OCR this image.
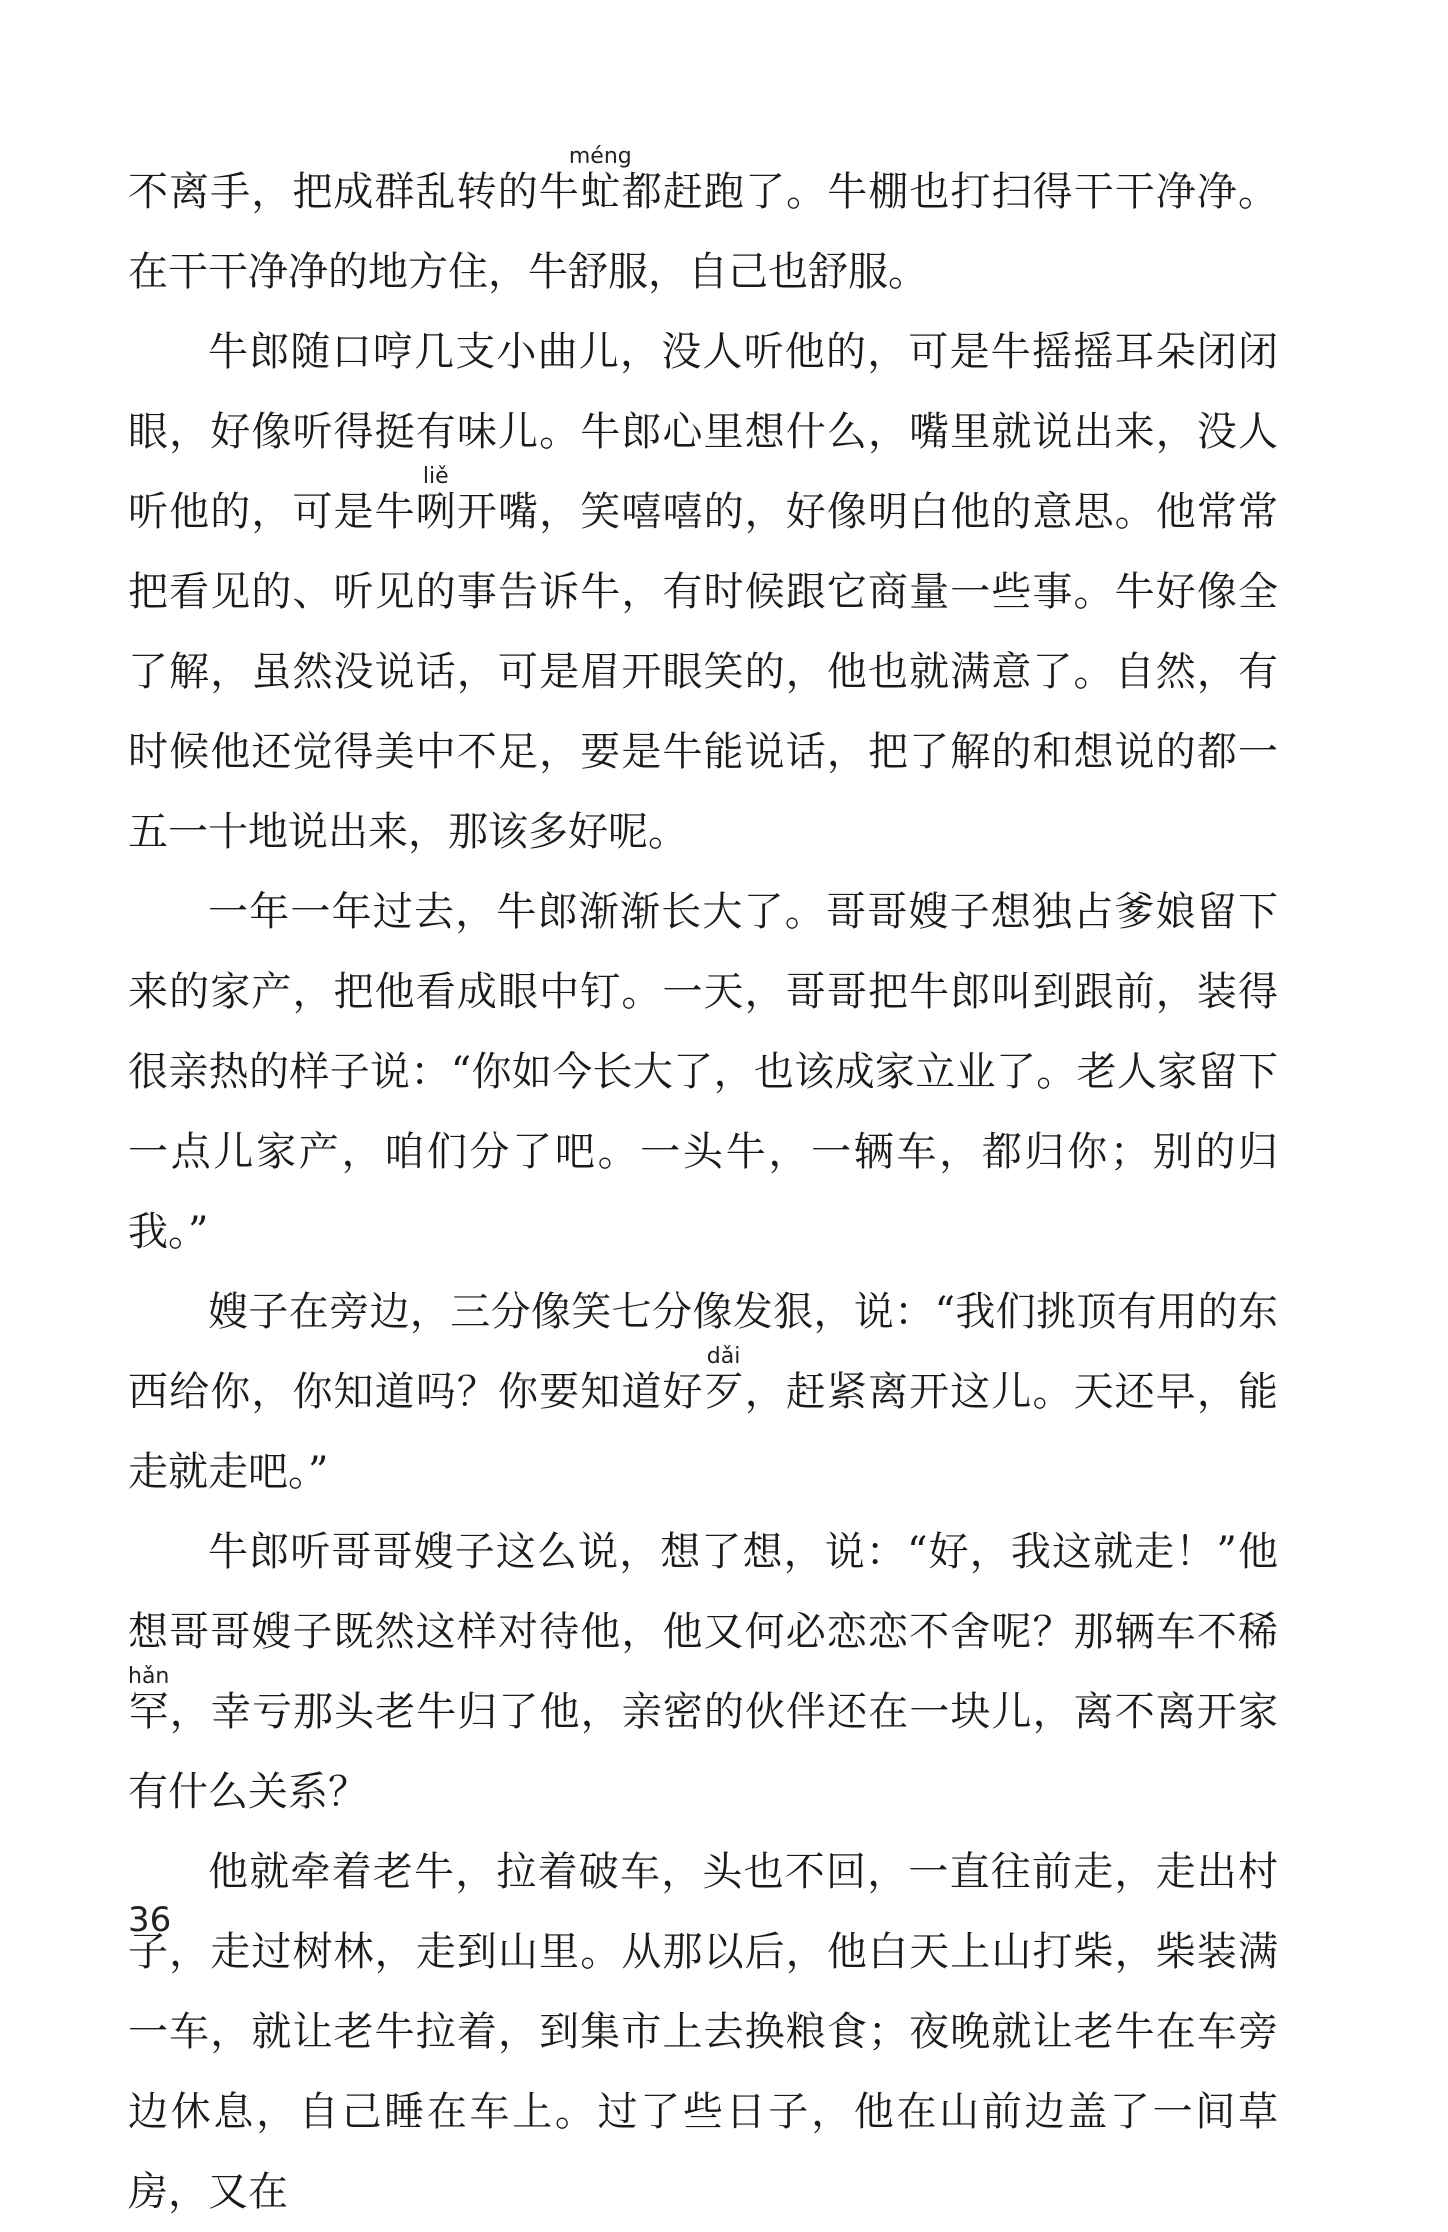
不离手，把成群乱转的牛虻méng都赶跑了。牛棚也打扫得干干净净。在干干净净的地方住，牛舒服，自己也舒服。

牛郎随口哼几支小曲儿，没人听他的，可是牛摇摇耳朵闭闭眼，好像听得挺有味儿。牛郎心里想什么，嘴里就说出来，没人听他的，可是牛咧liě开嘴，笑嘻嘻的，好像明白他的意思。他常常把看见的、听见的事告诉牛，有时候跟它商量一些事。牛好像全了解，虽然没说话，可是眉开眼笑的，他也就满意了。自然，有时候他还觉得美中不足，要是牛能说话，把了解的和想说的都一五一十地说出来，那该多好呢。

一年一年过去，牛郎渐渐长大了。哥哥嫂子想独占爹娘留下来的家产，把他看成眼中钉。一天，哥哥把牛郎叫到跟前，装得很亲热的样子说：“你如今长大了，也该成家立业了。老人家留下一点儿家产，咱们分了吧。一头牛，一辆车，都归你；别的归我。”

嫂子在旁边，三分像笑七分像发狠，说：“我们挑顶有用的东西给你，你知道吗？你要知道好歹dǎi，赶紧离开这儿。天还早，能走就走吧。”

牛郎听哥哥嫂子这么说，想了想，说：“好，我这就走！”他想哥哥嫂子既然这样对待他，他又何必恋恋不舍呢？那辆车不稀罕hǎn，幸亏那头老牛归了他，亲密的伙伴还在一块儿，离不离开家有什么关系？

他就牵着老牛，拉着破车，头也不回，一直往前走，走出村子，走过树林，走到山里。从那以后，他白天上山打柴，柴装满一车，就让老牛拉着，到集市上去换粮食；夜晚就让老牛在车旁边休息，自己睡在车上。过了些日子，他在山前边盖了一间草房，又在

36
